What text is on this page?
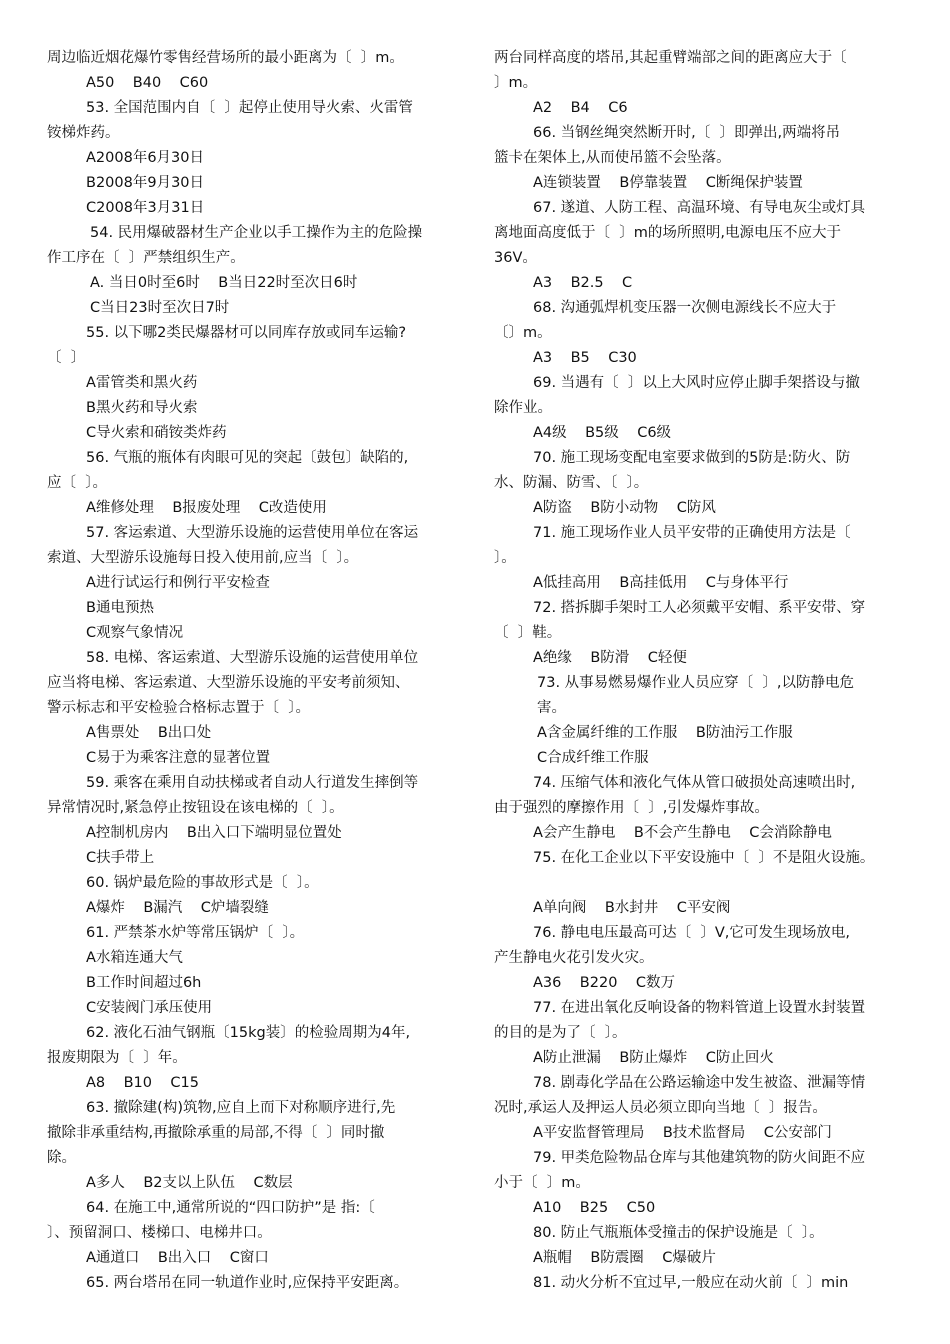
周边临近烟花爆竹零售经营场所的最小距离为〔  〕m。
A50    B40    C60
53. 全国范围内自〔  〕起停止使用导火索、火雷管
铵梯炸药。
A2008年6月30日
B2008年9月30日
C2008年3月31日
54. 民用爆破器材生产企业以手工操作为主的危险操
作工序在〔  〕严禁组织生产。
A. 当日0时至6时    B当日22时至次日6时
C当日23时至次日7时
55. 以下哪2类民爆器材可以同库存放或同车运输?
〔  〕
A雷管类和黑火药
B黑火药和导火索
C导火索和硝铵类炸药
56. 气瓶的瓶体有肉眼可见的突起〔鼓包〕缺陷的,
应〔  〕。
A维修处理    B报废处理    C改造使用
57. 客运索道、大型游乐设施的运营使用单位在客运
索道、大型游乐设施每日投入使用前,应当〔  〕。
A进行试运行和例行平安检查
B通电预热
C观察气象情况
58. 电梯、客运索道、大型游乐设施的运营使用单位
应当将电梯、客运索道、大型游乐设施的平安考前须知、
警示标志和平安检验合格标志置于〔  〕。
A售票处    B出口处
C易于为乘客注意的显著位置
59. 乘客在乘用自动扶梯或者自动人行道发生摔倒等
异常情况时,紧急停止按钮设在该电梯的〔  〕。
A控制机房内    B出入口下端明显位置处
C扶手带上
60. 锅炉最危险的事故形式是〔  〕。
A爆炸    B漏汽    C炉墙裂缝
61. 严禁茶水炉等常压锅炉〔  〕。
A水箱连通大气
B工作时间超过6h
C安装阀门承压使用
62. 液化石油气钢瓶〔15kg装〕的检验周期为4年,
报废期限为〔  〕年。
A8    B10    C15
63. 撤除建(构)筑物,应自上而下对称顺序进行,先
撤除非承重结构,再撤除承重的局部,不得〔  〕同时撤
除。
A多人    B2支以上队伍    C数层
64. 在施工中,通常所说的“四口防护”是 指:〔
〕、预留洞口、楼梯口、电梯井口。
A通道口    B出入口    C窗口
65. 两台塔吊在同一轨道作业时,应保持平安距离。
两台同样高度的塔吊,其起重臂端部之间的距离应大于〔
〕m。
A2    B4    C6
66. 当钢丝绳突然断开时,〔  〕即弹出,两端将吊
篮卡在架体上,从而使吊篮不会坠落。
A连锁装置    B停靠装置    C断绳保护装置
67. 遂道、人防工程、高温环境、有导电灰尘或灯具
离地面高度低于〔  〕m的场所照明,电源电压不应大于
36V。
A3    B2.5    C
68. 沟通弧焊机变压器一次侧电源线长不应大于
〔〕m。
A3    B5    C30
69. 当遇有〔  〕以上大风时应停止脚手架搭设与撤
除作业。
A4级    B5级    C6级
70. 施工现场变配电室要求做到的5防是:防火、防
水、防漏、防雪、〔  〕。
A防盗    B防小动物    C防风
71. 施工现场作业人员平安带的正确使用方法是〔
〕。
A低挂高用    B高挂低用    C与身体平行
72. 搭拆脚手架时工人必须戴平安帽、系平安带、穿
〔  〕鞋。
A绝缘    B防滑    C轻便
73. 从事易燃易爆作业人员应穿〔  〕,以防静电危
害。
A含金属纤维的工作服    B防油污工作服
C合成纤维工作服
74. 压缩气体和液化气体从管口破损处高速喷出时,
由于强烈的摩擦作用〔  〕,引发爆炸事故。
A会产生静电    B不会产生静电    C会消除静电
75. 在化工企业以下平安设施中〔  〕不是阻火设施。
A单向阀    B水封井    C平安阀
76. 静电电压最高可达〔  〕V,它可发生现场放电,
产生静电火花引发火灾。
A36    B220    C数万
77. 在进出氧化反响设备的物料管道上设置水封装置
的目的是为了〔  〕。
A防止泄漏    B防止爆炸    C防止回火
78. 剧毒化学品在公路运输途中发生被盗、泄漏等情
况时,承运人及押运人员必须立即向当地〔  〕报告。
A平安监督管理局    B技术监督局    C公安部门
79. 甲类危险物品仓库与其他建筑物的防火间距不应
小于〔  〕m。
A10    B25    C50
80. 防止气瓶瓶体受撞击的保护设施是〔  〕。
A瓶帽    B防震圈    C爆破片
81. 动火分析不宜过早,一般应在动火前〔  〕min
